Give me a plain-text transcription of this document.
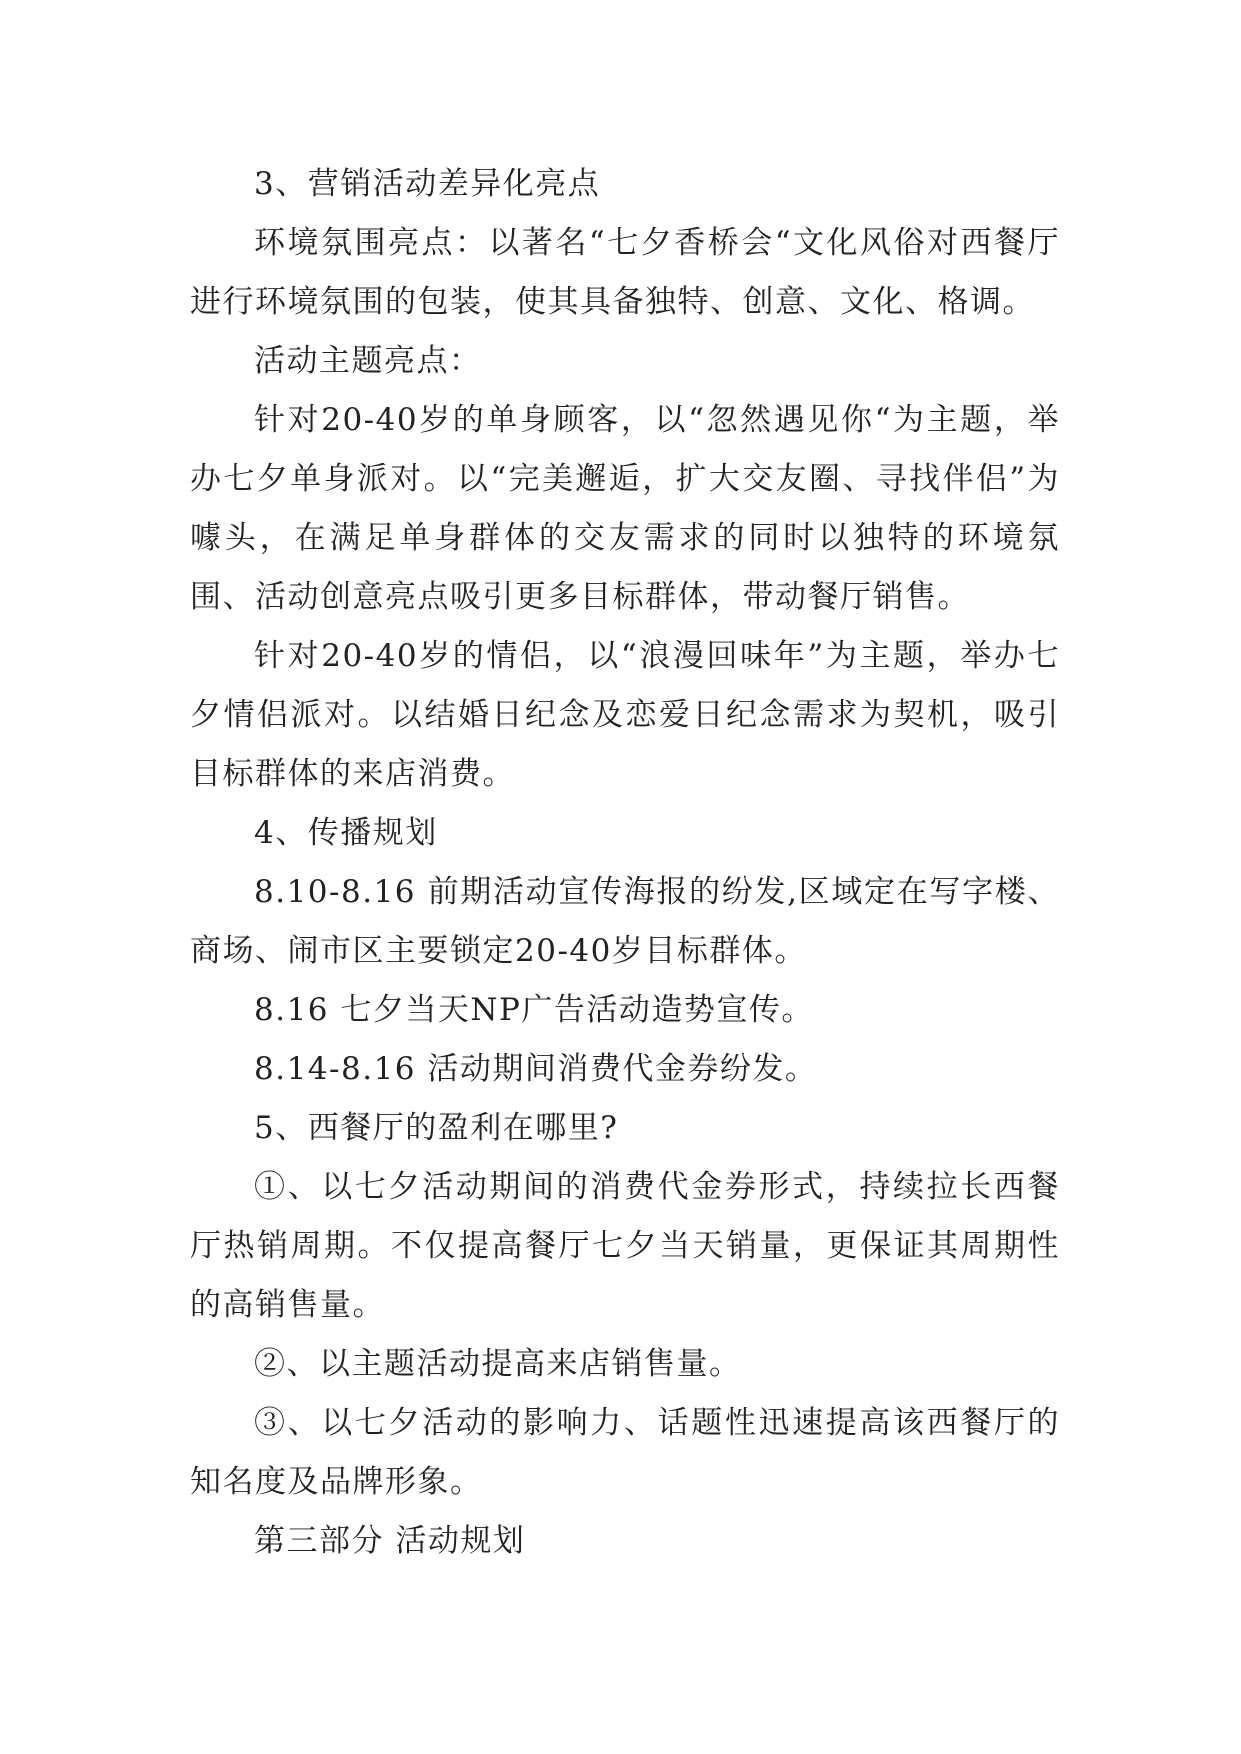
3、营销活动差异化亮点

环境氛围亮点：以著名“七夕香桥会“文化风俗对西餐厅进行环境氛围的包装，使其具备独特、创意、文化、格调。

活动主题亮点：

针对20-40岁的单身顾客，以“忽然遇见你“为主题，举办七夕单身派对。以“完美邂逅，扩大交友圈、寻找伴侣”为噱头，在满足单身群体的交友需求的同时以独特的环境氛围、活动创意亮点吸引更多目标群体，带动餐厅销售。

针对20-40岁的情侣，以“浪漫回味年”为主题，举办七夕情侣派对。以结婚日纪念及恋爱日纪念需求为契机，吸引目标群体的来店消费。

4、传播规划

8.10-8.16 前期活动宣传海报的纷发,区域定在写字楼、商场、闹市区主要锁定20-40岁目标群体。

8.16 七夕当天NP广告活动造势宣传。

8.14-8.16 活动期间消费代金券纷发。

5、西餐厅的盈利在哪里?

①、以七夕活动期间的消费代金券形式，持续拉长西餐厅热销周期。不仅提高餐厅七夕当天销量，更保证其周期性的高销售量。

②、以主题活动提高来店销售量。

③、以七夕活动的影响力、话题性迅速提高该西餐厅的知名度及品牌形象。

第三部分 活动规划
